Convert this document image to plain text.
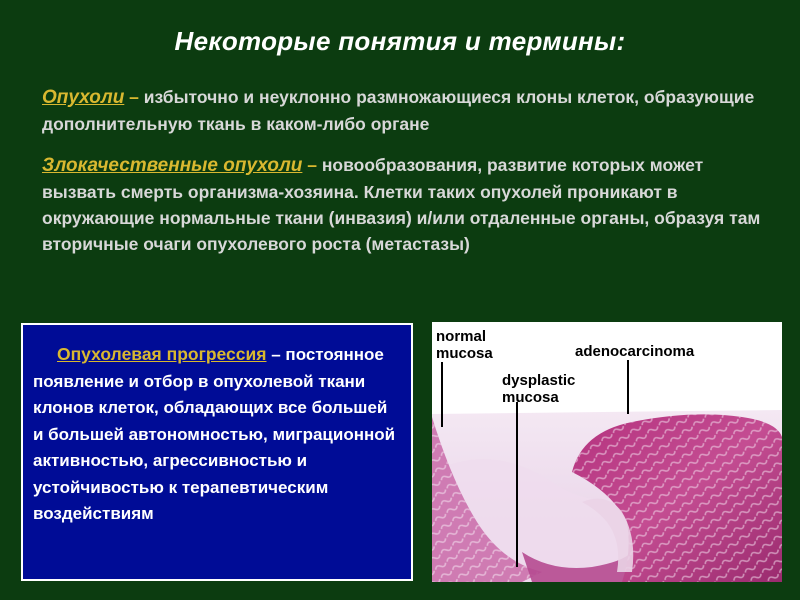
Некоторые понятия и термины:
Опухоли – избыточно и неуклонно размножающиеся клоны клеток, образующие дополнительную ткань в каком-либо органе
Злокачественные опухоли – новообразования, развитие которых может вызвать смерть организма-хозяина. Клетки таких опухолей проникают в окружающие нормальные ткани (инвазия) и/или отдаленные органы, образуя там вторичные очаги опухолевого роста (метастазы)
Опухолевая прогрессия – постоянное появление и отбор в опухолевой ткани клонов клеток, обладающих все большей и большей автономностью, миграционной активностью, агрессивностью и устойчивостью к терапевтическим воздействиям
normal
mucosa
dysplastic
mucosa
adenocarcinoma
